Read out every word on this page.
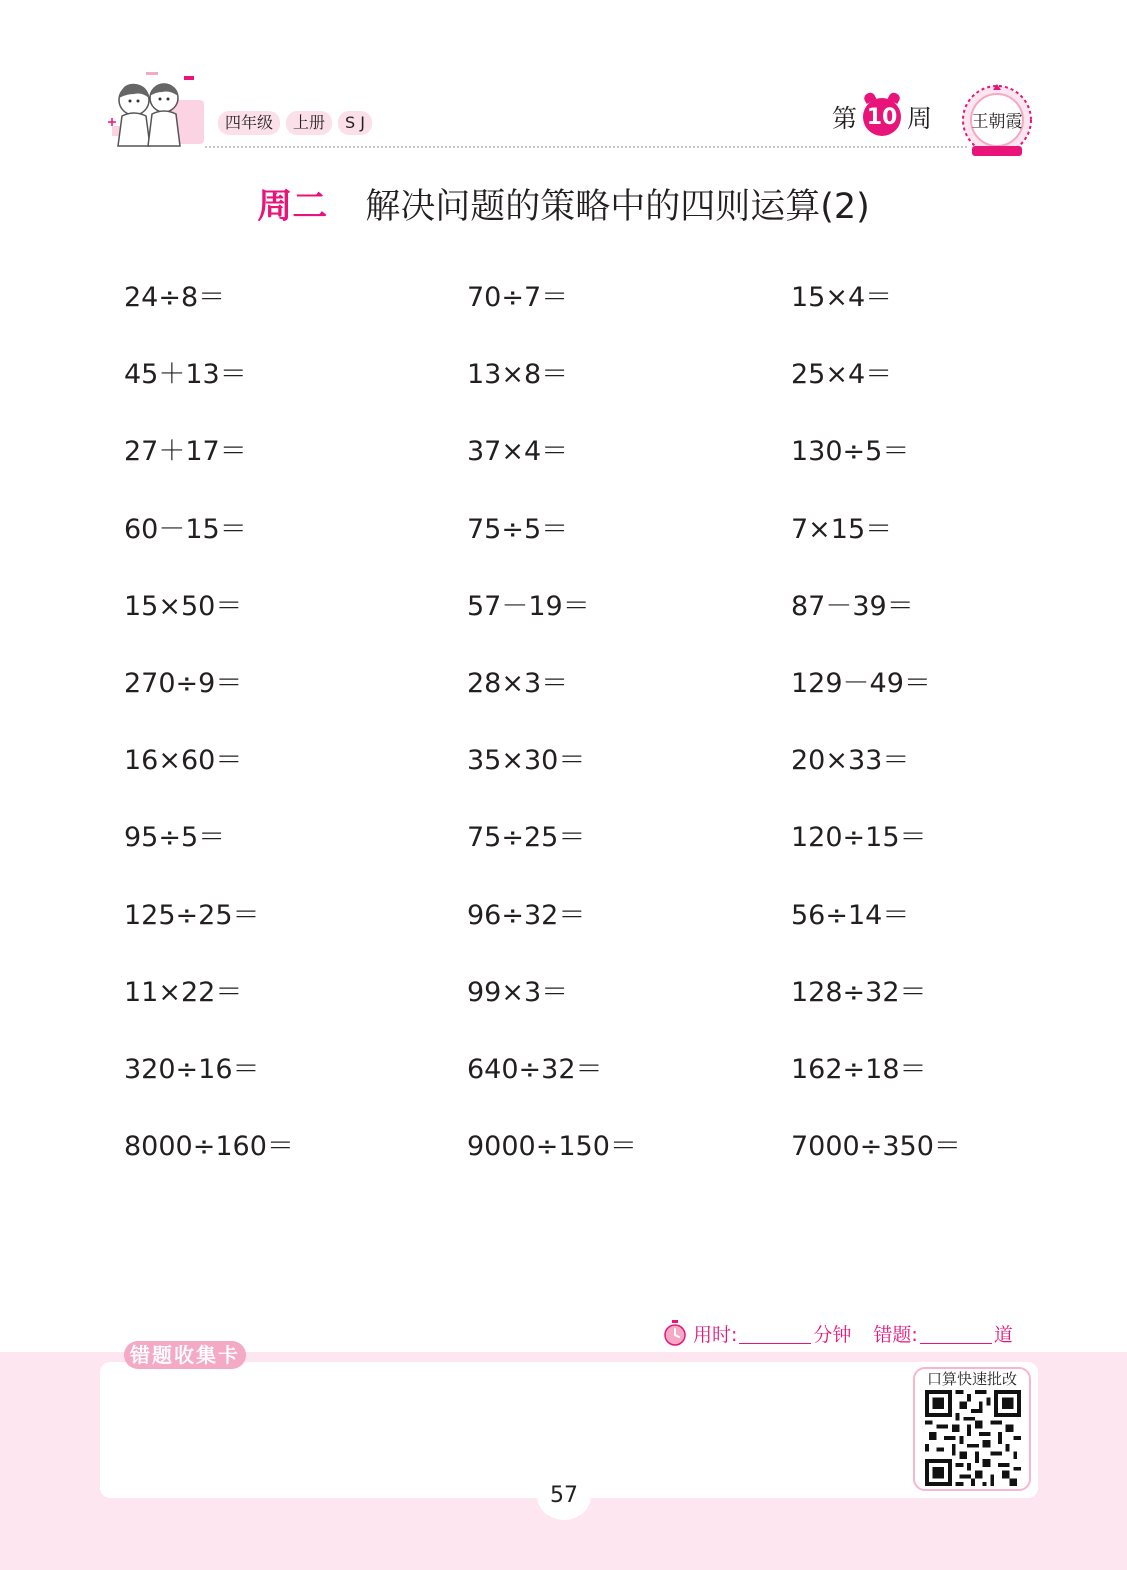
四年级	上册	S J	第 10 周 王朝霞
周二 解决问题的策略中的四则运算(2)
24÷8＝	70÷7＝	15×4＝
45＋13＝	13×8＝	25×4＝
27＋17＝	37×4＝	130÷5＝
60－15＝	75÷5＝	7×15＝
15×50＝	57－19＝	87－39＝
270÷9＝	28×3＝	129－49＝
16×60＝	35×30＝	20×33＝
95÷5＝	75÷25＝	120÷15＝
125÷25＝	96÷32＝	56÷14＝
11×22＝	99×3＝	128÷32＝
320÷16＝	640÷32＝	162÷18＝
8000÷160＝	9000÷150＝	7000÷350＝
用时:	分钟 错题:	道
错题收集卡
口算快速批改
57
